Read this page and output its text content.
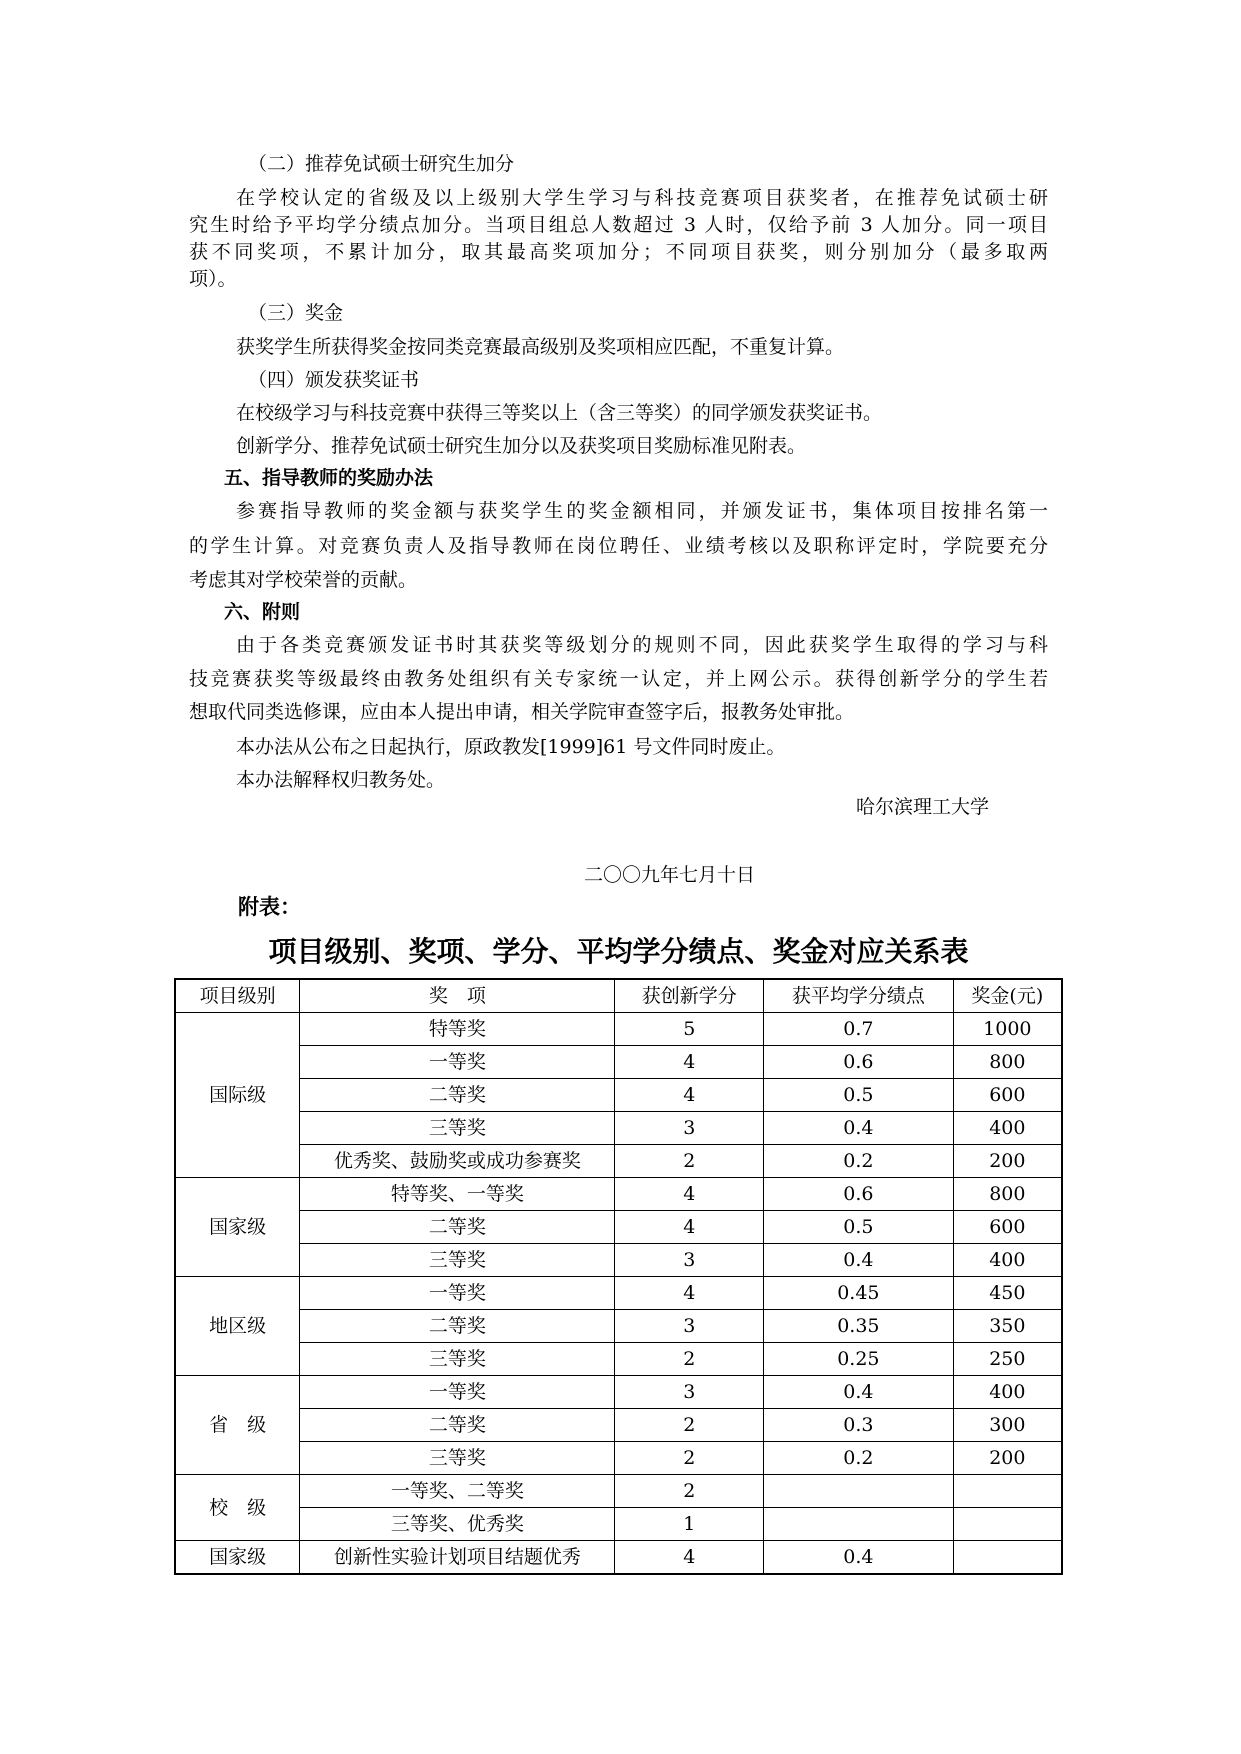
（二）推荐免试硕士研究生加分
在学校认定的省级及以上级别大学生学习与科技竞赛项目获奖者，在推荐免试硕士研
究生时给予平均学分绩点加分。当项目组总人数超过 3 人时，仅给予前 3 人加分。同一项目
获不同奖项，不累计加分，取其最高奖项加分；不同项目获奖，则分别加分（最多取两
项）。
（三）奖金
获奖学生所获得奖金按同类竞赛最高级别及奖项相应匹配，不重复计算。
（四）颁发获奖证书
在校级学习与科技竞赛中获得三等奖以上（含三等奖）的同学颁发获奖证书。
创新学分、推荐免试硕士研究生加分以及获奖项目奖励标准见附表。
五、指导教师的奖励办法
参赛指导教师的奖金额与获奖学生的奖金额相同，并颁发证书，集体项目按排名第一
的学生计算。对竞赛负责人及指导教师在岗位聘任、业绩考核以及职称评定时，学院要充分
考虑其对学校荣誉的贡献。
六、附则
由于各类竞赛颁发证书时其获奖等级划分的规则不同，因此获奖学生取得的学习与科
技竞赛获奖等级最终由教务处组织有关专家统一认定，并上网公示。获得创新学分的学生若
想取代同类选修课，应由本人提出申请，相关学院审查签字后，报教务处审批。
本办法从公布之日起执行，原政教发[1999]61 号文件同时废止。
本办法解释权归教务处。
哈尔滨理工大学
二〇〇九年七月十日
附表：
项目级别、奖项、学分、平均学分绩点、奖金对应关系表
项目级别	奖　项	获创新学分	获平均学分绩点	奖金(元)
国际级	特等奖	5	0.7	1000
	一等奖	4	0.6	800
	二等奖	4	0.5	600
	三等奖	3	0.4	400
	优秀奖、鼓励奖或成功参赛奖	2	0.2	200
国家级	特等奖、一等奖	4	0.6	800
	二等奖	4	0.5	600
	三等奖	3	0.4	400
地区级	一等奖	4	0.45	450
	二等奖	3	0.35	350
	三等奖	2	0.25	250
省　级	一等奖	3	0.4	400
	二等奖	2	0.3	300
	三等奖	2	0.2	200
校　级	一等奖、二等奖	2		
	三等奖、优秀奖	1		
国家级	创新性实验计划项目结题优秀	4	0.4	
